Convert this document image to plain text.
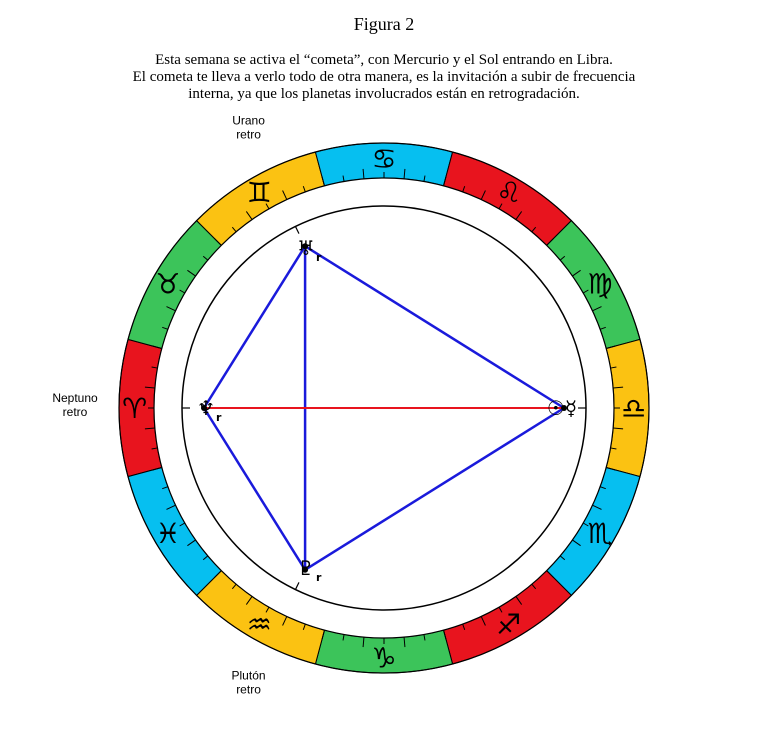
Figura 2
Esta semana se activa el “cometa”, con Mercurio y el Sol entrando en Libra.
El cometa te lleva a verlo todo de otra manera, es la invitación a subir de frecuencia
interna, ya que los planetas involucrados están en retrogradación.
♈
♉
♊
♋
♌
♍
♎
♏
♐
♑
♒
♓
♇ r
♆ r
♅ r
☉☿
Plutón
retro
Neptuno
retro
Urano
retro
